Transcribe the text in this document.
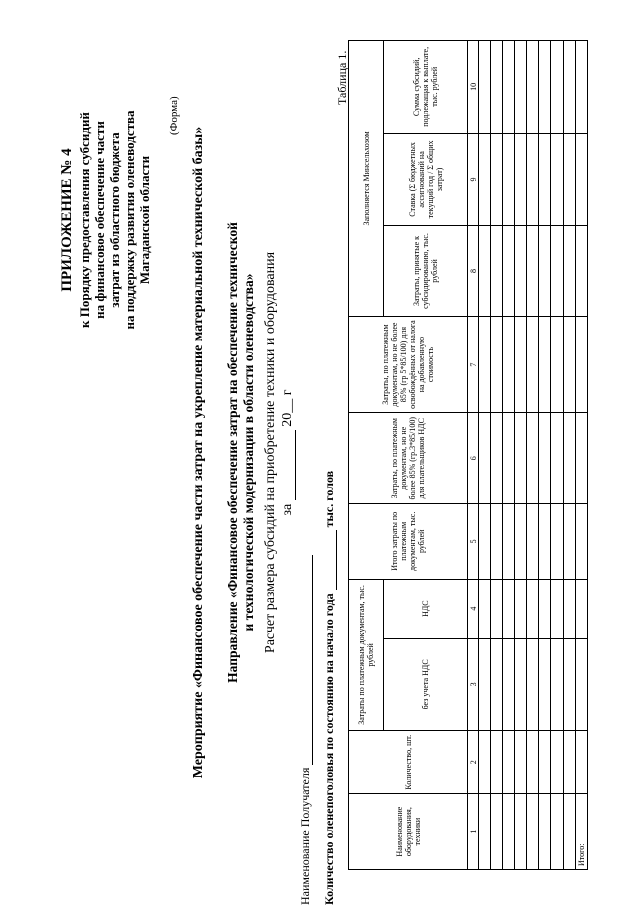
ПРИЛОЖЕНИЕ № 4 к Порядку предоставления субсидий на финансовое обеспечение части затрат из областного бюджета на поддержку развития оленеводства Магаданской области
(Форма)
Мероприятие «Финансовое обеспечение части затрат на укрепление материальной технической базы» Направление «Финансовое обеспечение затрат на обеспечение технической и технологической модернизации в области оленеводства» Расчет размера субсидий на приобретение техники и оборудования за  20__ г
Наименование Получателя Количество оленепоголовья по состоянию на начало года  тыс. голов
Таблица 1.
Наименование оборудования, техники	Количество, шт.	Затраты по платежным документам, тыс. рублей		Итого затраты по платежным документам, тыс. рублей	Затраты, по платежным документам, но не более 85% (гр.3*85/100) для плательщиков НДС	Затраты, по платежным документам, но не более 85% (гр 5*85/100) для освобождённых от налога на добавленную стоимость	Заполняется Минсельхозом		
		без учета НДС	НДС				Затраты, принятые к субсидированию, тыс. рублей	Ставка (Σ бюджетных ассигнований на текущий год / Σ общих затрат)	Сумма субсидий, подлежащая к выплате, тыс. рублей
1	2	3	4	5	6	7	8	9	10

Итого:									
